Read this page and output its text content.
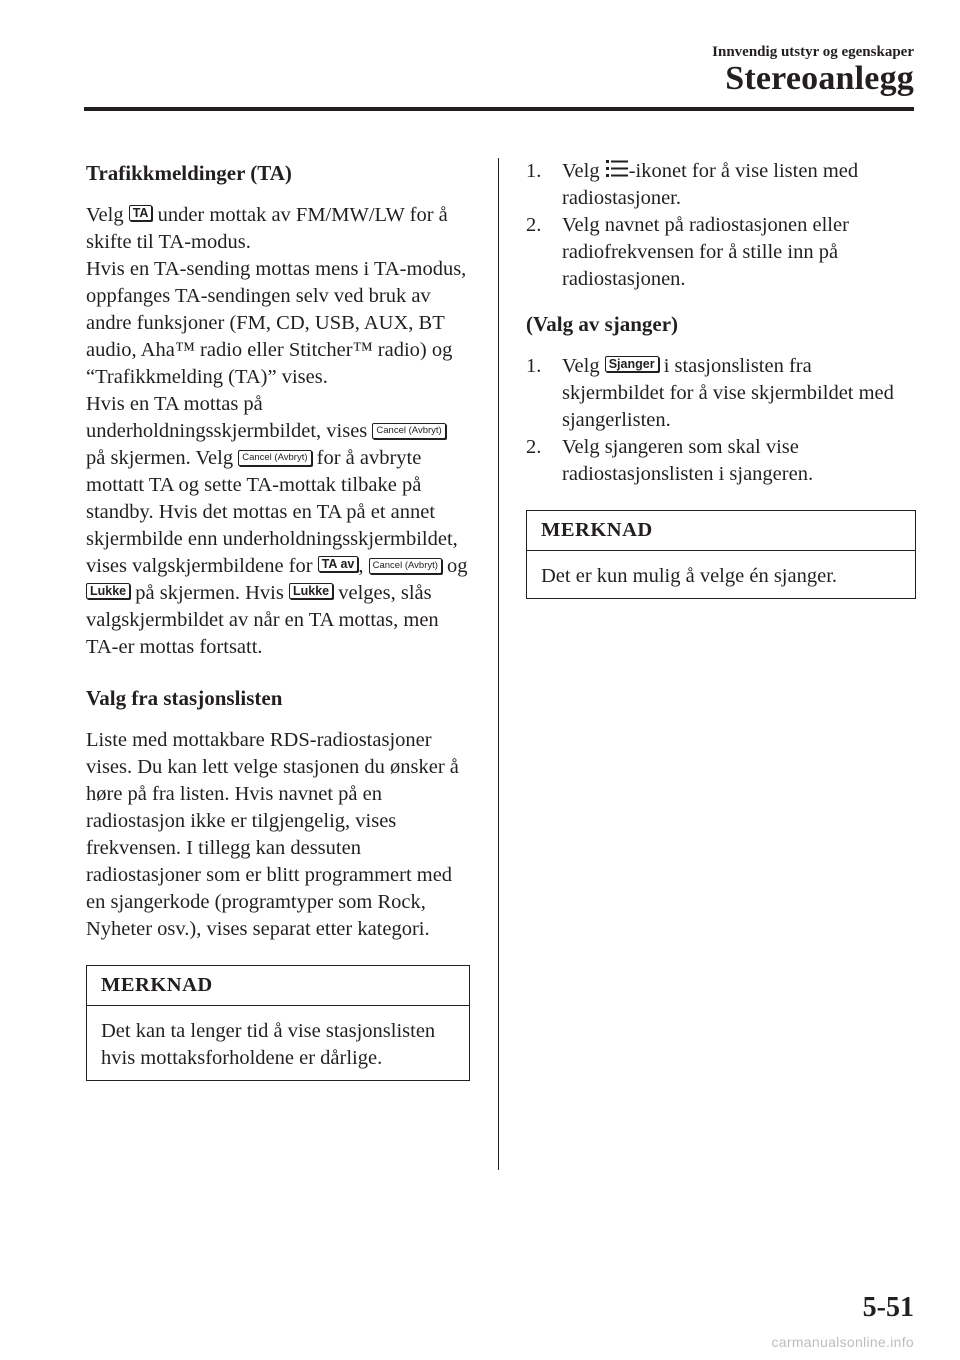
Innvendig utstyr og egenskaper
Stereoanlegg
Trafikkmeldinger (TA)

Velg TA under mottak av FM/MW/LW for å skifte til TA-modus.

Hvis en TA-sending mottas mens i TA-modus, oppfanges TA-sendingen selv ved bruk av andre funksjoner (FM, CD, USB, AUX, BT audio, Aha™ radio eller Stitcher™ radio) og “Trafikkmelding (TA)” vises.

Hvis en TA mottas på underholdningsskjermbildet, vises Cancel (Avbryt) på skjermen. Velg Cancel (Avbryt) for å avbryte mottatt TA og sette TA-mottak tilbake på standby. Hvis det mottas en TA på et annet skjermbilde enn underholdningsskjermbildet, vises valgskjermbildene for TA av , Cancel (Avbryt) og Lukke på skjermen. Hvis Lukke velges, slås valgskjermbildet av når en TA mottas, men TA-er mottas fortsatt.

Valg fra stasjonslisten

Liste med mottakbare RDS-radiostasjoner vises. Du kan lett velge stasjonen du ønsker å høre på fra listen. Hvis navnet på en radiostasjon ikke er tilgjengelig, vises frekvensen. I tillegg kan dessuten radiostasjoner som er blitt programmert med en sjangerkode (programtyper som Rock, Nyheter osv.), vises separat etter kategori.

MERKNAD
Det kan ta lenger tid å vise stasjonslisten hvis mottaksforholdene er dårlige.
1. Velg -ikonet for å vise listen med radiostasjoner.
2. Velg navnet på radiostasjonen eller radiofrekvensen for å stille inn på radiostasjonen.
(Valg av sjanger)
1. Velg Sjanger i stasjonslisten fra skjermbildet for å vise skjermbildet med sjangerlisten.
2. Velg sjangeren som skal vise radiostasjonslisten i sjangeren.
MERKNAD
Det er kun mulig å velge én sjanger.
5-51
carmanualsonline.info
